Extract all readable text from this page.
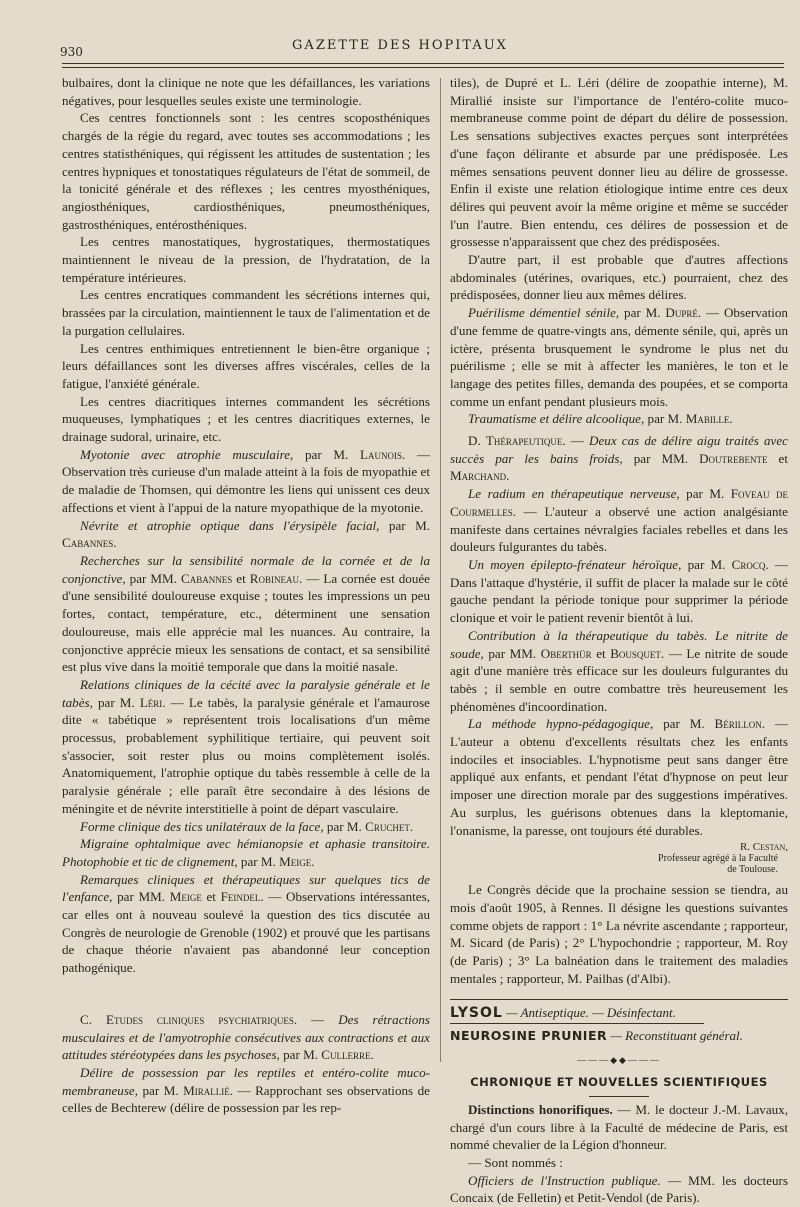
930	GAZETTE DES HOPITAUX

bulbaires, dont la clinique ne note que les défaillances, les variations négatives, pour lesquelles seules existe une terminologie.

Ces centres fonctionnels sont : les centres scoposthéniques chargés de la régie du regard, avec toutes ses accommodations ; les centres statisthéniques, qui régissent les attitudes de sustentation ; les centres hypniques et tonostatiques régulateurs de l'état de sommeil, de la tonicité générale et des réflexes ; les centres myosthéniques, angiosthéniques, cardiosthéniques, pneumosthéniques, gastrosthéniques, entérosthéniques.

Les centres manostatiques, hygrostatiques, thermostatiques maintiennent le niveau de la pression, de l'hydratation, de la température intérieures.

Les centres encratiques commandent les sécrétions internes qui, brassées par la circulation, maintiennent le taux de l'alimentation et de la purgation cellulaires.

Les centres enthimiques entretiennent le bien-être organique ; leurs défaillances sont les diverses affres viscérales, celles de la fatigue, l'anxiété générale.

Les centres diacritiques internes commandent les sécrétions muqueuses, lymphatiques ; et les centres diacritiques externes, le drainage sudoral, urinaire, etc.

Myotonie avec atrophie musculaire, par M. Launois. — Observation très curieuse d'un malade atteint à la fois de myopathie et de maladie de Thomsen, qui démontre les liens qui unissent ces deux affections et vient à l'appui de la nature myopathique de la myotonie.

Névrite et atrophie optique dans l'érysipèle facial, par M. Cabannes.

Recherches sur la sensibilité normale de la cornée et de la conjonctive, par MM. Cabannes et Robineau. — La cornée est douée d'une sensibilité douloureuse exquise ; toutes les impressions un peu fortes, contact, température, etc., déterminent une sensation douloureuse, mais elle apprécie mal les nuances. Au contraire, la conjonctive apprécie mieux les sensations de contact, et sa sensibilité est plus vive dans la moitié temporale que dans la moitié nasale.

Relations cliniques de la cécité avec la paralysie générale et le tabès, par M. Léri. — Le tabès, la paralysie générale et l'amaurose dite « tabétique » représentent trois localisations d'un même processus, probablement syphilitique tertiaire, qui peuvent soit s'associer, soit rester plus ou moins complètement isolés. Anatomiquement, l'atrophie optique du tabès ressemble à celle de la paralysie générale ; elle paraît être secondaire à des lésions de méningite et de névrite interstitielle à point de départ vasculaire.

Forme clinique des tics unilatéraux de la face, par M. Cruchet.

Migraine ophtalmique avec hémianopsie et aphasie transitoire. Photophobie et tic de clignement, par M. Meige.

Remarques cliniques et thérapeutiques sur quelques tics de l'enfance, par MM. Meige et Feindel. — Observations intéressantes, car elles ont à nouveau soulevé la question des tics discutée au Congrès de neurologie de Grenoble (1902) et prouvé que les partisans de chaque théorie n'avaient pas abandonné leur conception pathogénique.

C. Etudes cliniques psychiatriques. — Des rétractions musculaires et de l'amyotrophie consécutives aux contractions et aux attitudes stéréotypées dans les psychoses, par M. Cullerre.

Délire de possession par les reptiles et entéro-colite muco-membraneuse, par M. Mirallié. — Rapprochant ses observations de celles de Bechterew (délire de possession par les rep-

tiles), de Dupré et L. Léri (délire de zoopathie interne), M. Mirallié insiste sur l'importance de l'entéro-colite muco-membraneuse comme point de départ du délire de possession. Les sensations subjectives exactes perçues sont interprétées d'une façon délirante et absurde par une prédisposée. Les mêmes sensations peuvent donner lieu au délire de grossesse. Enfin il existe une relation étiologique intime entre ces deux délires qui peuvent avoir la même origine et même se succéder l'un l'autre. Bien entendu, ces délires de possession et de grossesse n'apparaissent que chez des prédisposées.

D'autre part, il est probable que d'autres affections abdominales (utérines, ovariques, etc.) pourraient, chez des prédisposées, donner lieu aux mêmes délires.

Puérilisme démentiel sénile, par M. Dupré. — Observation d'une femme de quatre-vingts ans, démente sénile, qui, après un ictère, présenta brusquement le syndrome le plus net du puérilisme ; elle se mit à affecter les manières, le ton et le langage des petites filles, demanda des poupées, et se comporta comme un enfant pendant plusieurs mois.

Traumatisme et délire alcoolique, par M. Mabille.

D. Thérapeutique. — Deux cas de délire aigu traités avec succès par les bains froids, par MM. Doutrebente et Marchand.

Le radium en thérapeutique nerveuse, par M. Foveau de Courmelles. — L'auteur a observé une action analgésiante manifeste dans certaines névralgies faciales rebelles et dans les douleurs fulgurantes du tabès.

Un moyen épilepto-frénateur héroïque, par M. Crocq. — Dans l'attaque d'hystérie, il suffit de placer la malade sur le côté gauche pendant la période tonique pour supprimer la période clonique et voir le patient revenir bientôt à lui.

Contribution à la thérapeutique du tabès. Le nitrite de soude, par MM. Oberthür et Bousquet. — Le nitrite de soude agit d'une manière très efficace sur les douleurs fulgurantes du tabès ; il semble en outre combattre très heureusement les phénomènes d'incoordination.

La méthode hypno-pédagogique, par M. Bérillon. — L'auteur a obtenu d'excellents résultats chez les enfants indociles et insociables. L'hypnotisme peut sans danger être appliqué aux enfants, et pendant l'état d'hypnose on peut leur imposer une direction morale par des suggestions impératives. Au surplus, les guérisons obtenues dans la kleptomanie, l'onanisme, la paresse, ont toujours été durables.

R. Cestan,
Professeur agrégé à la Faculté
de Toulouse.

Le Congrès décide que la prochaine session se tiendra, au mois d'août 1905, à Rennes. Il désigne les questions suivantes comme objets de rapport : 1° La névrite ascendante ; rapporteur, M. Sicard (de Paris) ; 2° L'hypochondrie ; rapporteur, M. Roy (de Paris) ; 3° La balnéation dans le traitement des maladies mentales ; rapporteur, M. Pailhas (d'Albi).

LYSOL — Antiseptique. — Désinfectant.

NEUROSINE PRUNIER — Reconstituant général.

———◆◆———
CHRONIQUE ET NOUVELLES SCIENTIFIQUES

Distinctions honorifiques. — M. le docteur J.-M. Lavaux, chargé d'un cours libre à la Faculté de médecine de Paris, est nommé chevalier de la Légion d'honneur.

— Sont nommés :

Officiers de l'Instruction publique. — MM. les docteurs Concaix (de Felletin) et Petit-Vendol (de Paris).
